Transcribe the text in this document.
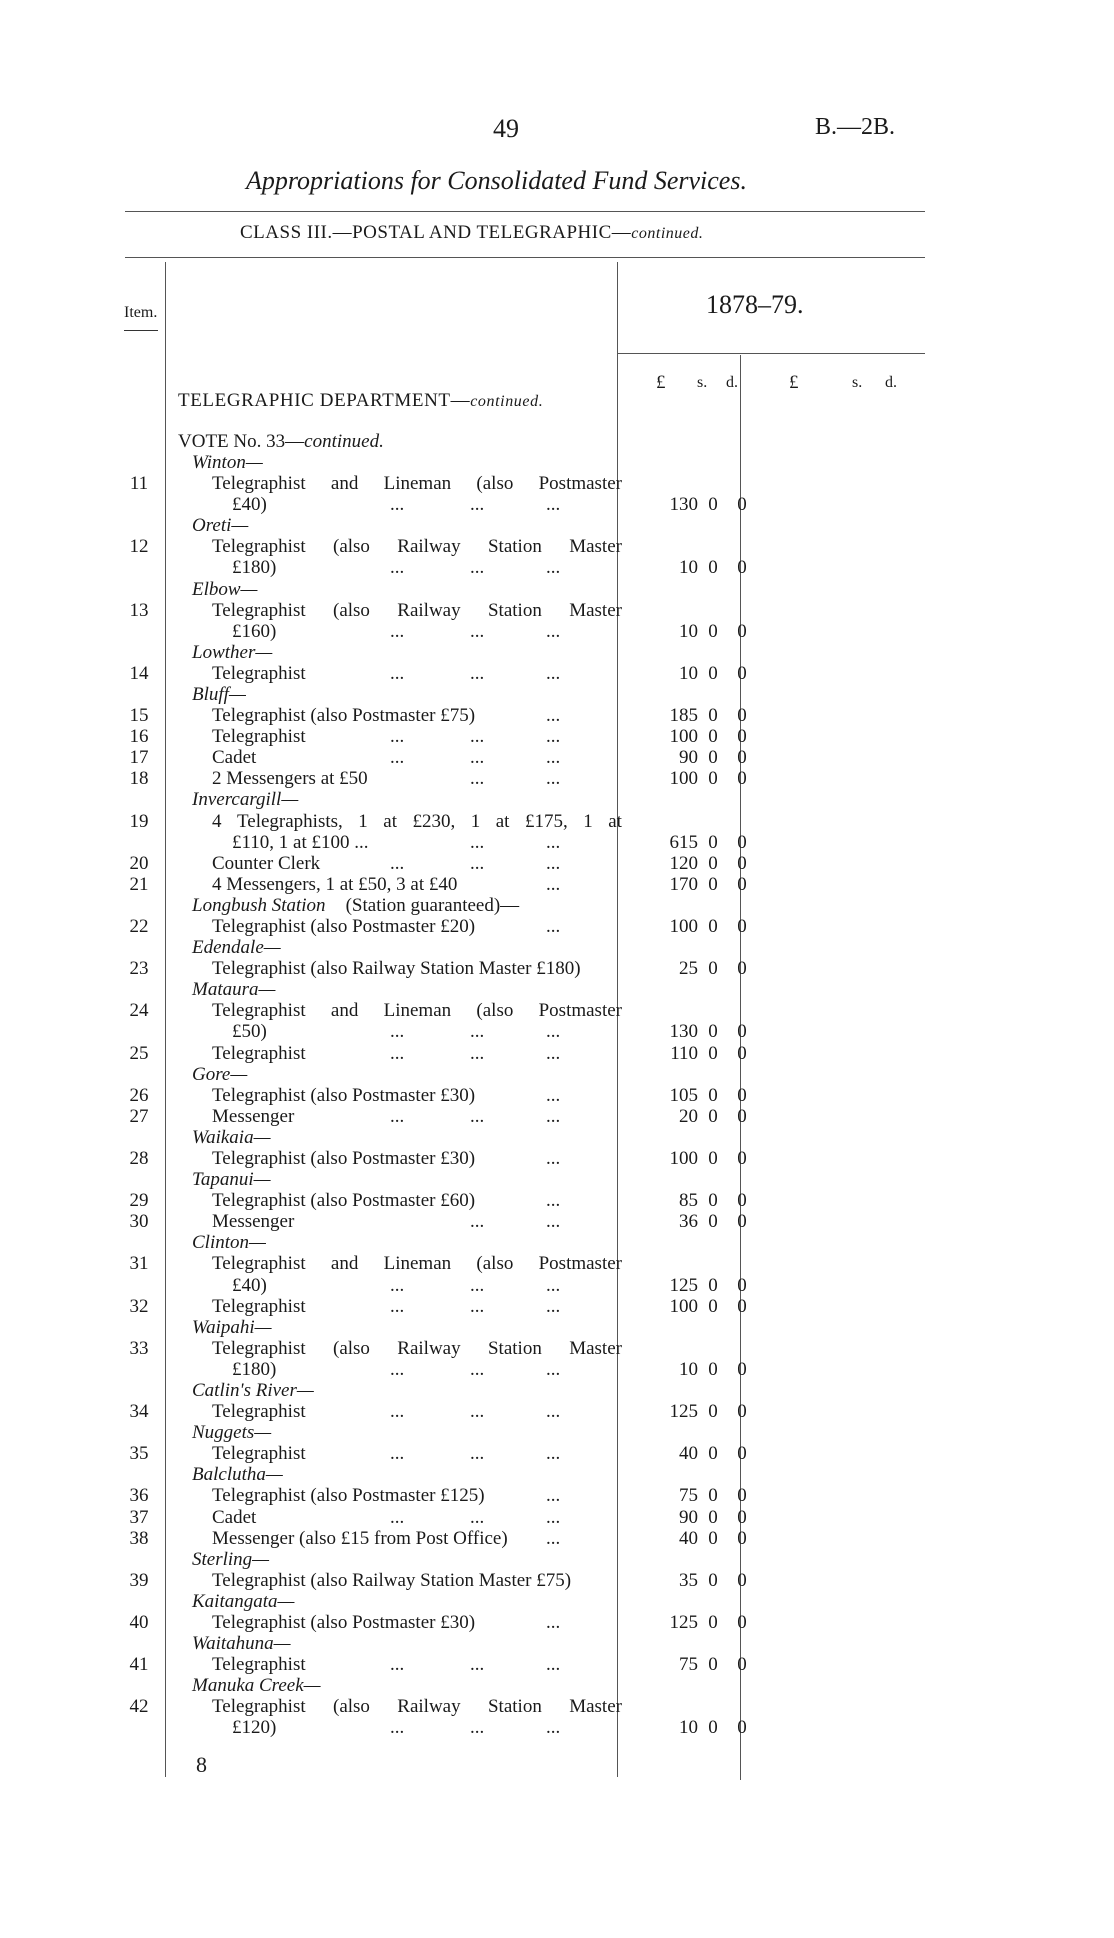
49	B.—2B.
Appropriations for Consolidated Fund Services.
CLASS III.—POSTAL AND TELEGRAPHIC—continued.
Item.	1878–79.
£ s. d.	£	s. d.
TELEGRAPHIC DEPARTMENT—continued.
VOTE No. 33—continued.
Winton—
11	Telegraphist and Lineman (also Postmaster
£40)	...	...	...	130 0 0
Oreti—
12	Telegraphist (also Railway Station Master
£180)	...	...	...	10 0 0
Elbow—
13	Telegraphist (also Railway Station Master
£160)	...	...	...	10 0 0
Lowther—
14	Telegraphist	...	...	...	10 0 0
Bluff—
15	Telegraphist (also Postmaster £75)	...	185 0 0
16	Telegraphist	...	...	...	100 0 0
17	Cadet	...	...	...	90 0 0
18	2 Messengers at £50	...	...	100 0 0
Invercargill—
19	4 Telegraphists, 1 at £230, 1 at £175, 1 at
£110, 1 at £100 ...	...	...	615 0 0
20	Counter Clerk	...	...	...	120 0 0
21	4 Messengers, 1 at £50, 3 at £40	...	170 0 0
Longbush Station (Station guaranteed)—
22	Telegraphist (also Postmaster £20)	...	100 0 0
Edendale—
23	Telegraphist (also Railway Station Master £180)	25 0 0
Mataura—
24	Telegraphist and Lineman (also Postmaster
£50)	...	...	...	130 0 0
25	Telegraphist	...	...	...	110 0 0
Gore—
26	Telegraphist (also Postmaster £30)	...	105 0 0
27	Messenger	...	...	...	20 0 0
Waikaia—
28	Telegraphist (also Postmaster £30)	...	100 0 0
Tapanui—
29	Telegraphist (also Postmaster £60)	...	85 0 0
30	Messenger	...	...	36 0 0
Clinton—
31	Telegraphist and Lineman (also Postmaster
£40)	...	...	...	125 0 0
32	Telegraphist	...	...	...	100 0 0
Waipahi—
33	Telegraphist (also Railway Station Master
£180)	...	...	...	10 0 0
Catlin's River—
34	Telegraphist	...	...	...	125 0 0
Nuggets—
35	Telegraphist	...	...	...	40 0 0
Balclutha—
36	Telegraphist (also Postmaster £125)	...	75 0 0
37	Cadet	...	...	...	90 0 0
38	Messenger (also £15 from Post Office) ...	40 0 0
Sterling—
39	Telegraphist (also Railway Station Master £75)	35 0 0
Kaitangata—
40	Telegraphist (also Postmaster £30)	...	125 0 0
Waitahuna—
41	Telegraphist	...	...	...	75 0 0
Manuka Creek—
42	Telegraphist (also Railway Station Master
£120)	...	...	...	10 0 0
8
